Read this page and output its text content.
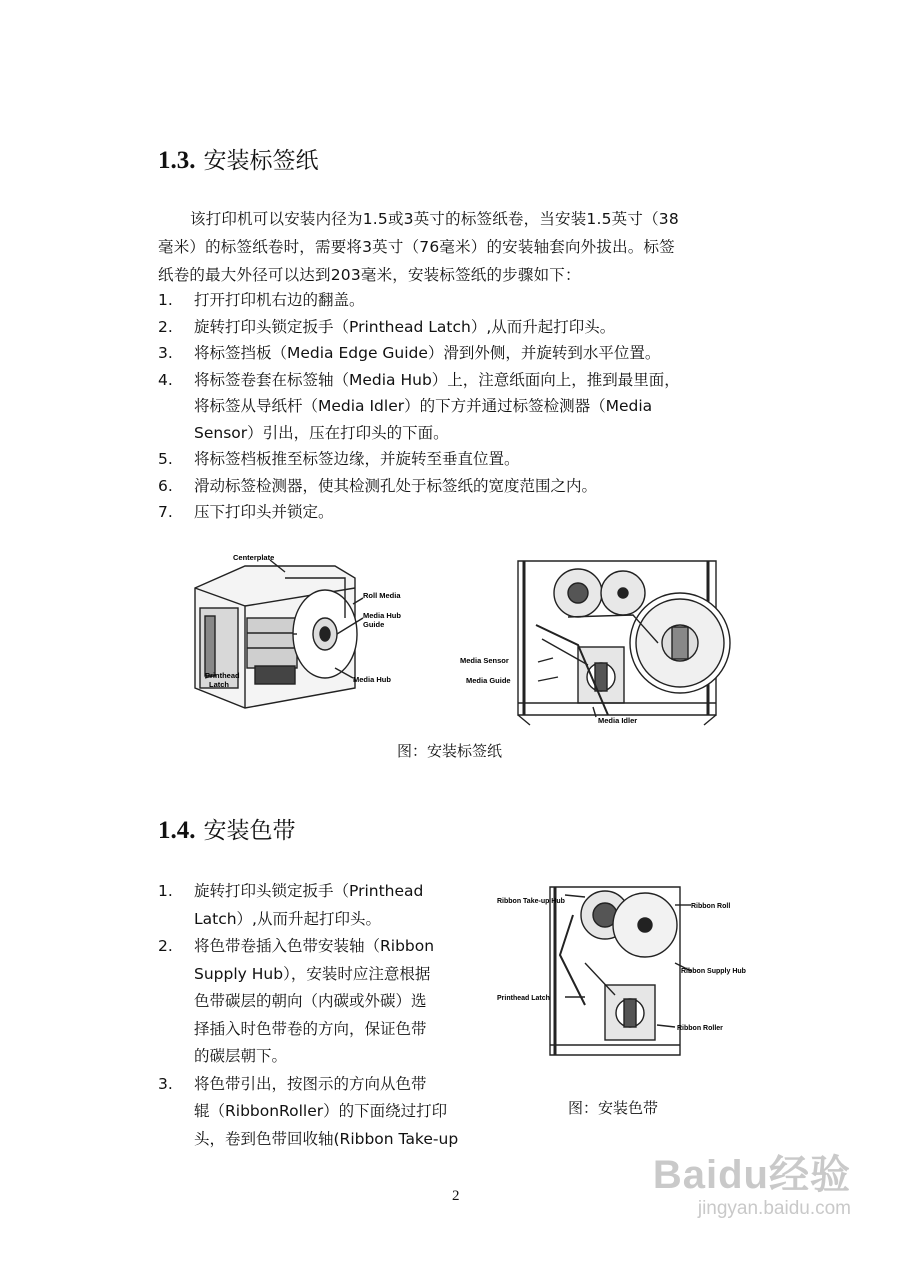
1.3. 安装标签纸
该打印机可以安装内径为1.5或3英寸的标签纸卷，当安装1.5英寸（38
毫米）的标签纸卷时，需要将3英寸（76毫米）的安装轴套向外拔出。标签
纸卷的最大外径可以达到203毫米，安装标签纸的步骤如下：
1. 打开打印机右边的翻盖。
2. 旋转打印头锁定扳手（Printhead Latch）,从而升起打印头。
3. 将标签挡板（Media Edge Guide）滑到外侧，并旋转到水平位置。
4. 将标签卷套在标签轴（Media Hub）上，注意纸面向上，推到最里面，
将标签从导纸杆（Media Idler）的下方并通过标签检测器（Media
Sensor）引出，压在打印头的下面。
5. 将标签档板推至标签边缘，并旋转至垂直位置。
6. 滑动标签检测器，使其检测孔处于标签纸的宽度范围之内。
7. 压下打印头并锁定。
Centerplate
Roll Media
Media Hub
Guide
Printhead
Latch
Media Hub
Media Sensor
Media Guide
Media Idler
图：安装标签纸
1.4. 安装色带
1. 旋转打印头锁定扳手（Printhead
Latch）,从而升起打印头。
2. 将色带卷插入色带安装轴（Ribbon
Supply Hub），安装时应注意根据
色带碳层的朝向（内碳或外碳）选
择插入时色带卷的方向，保证色带
的碳层朝下。
3. 将色带引出，按图示的方向从色带
辊（RibbonRoller）的下面绕过打印
头，卷到色带回收轴(Ribbon Take-up
Ribbon Take-up Hub
Ribbon Roll
Ribbon Supply Hub
Printhead Latch
Ribbon Roller
图：安装色带
2	Baidu经验
jingyan.baidu.com
